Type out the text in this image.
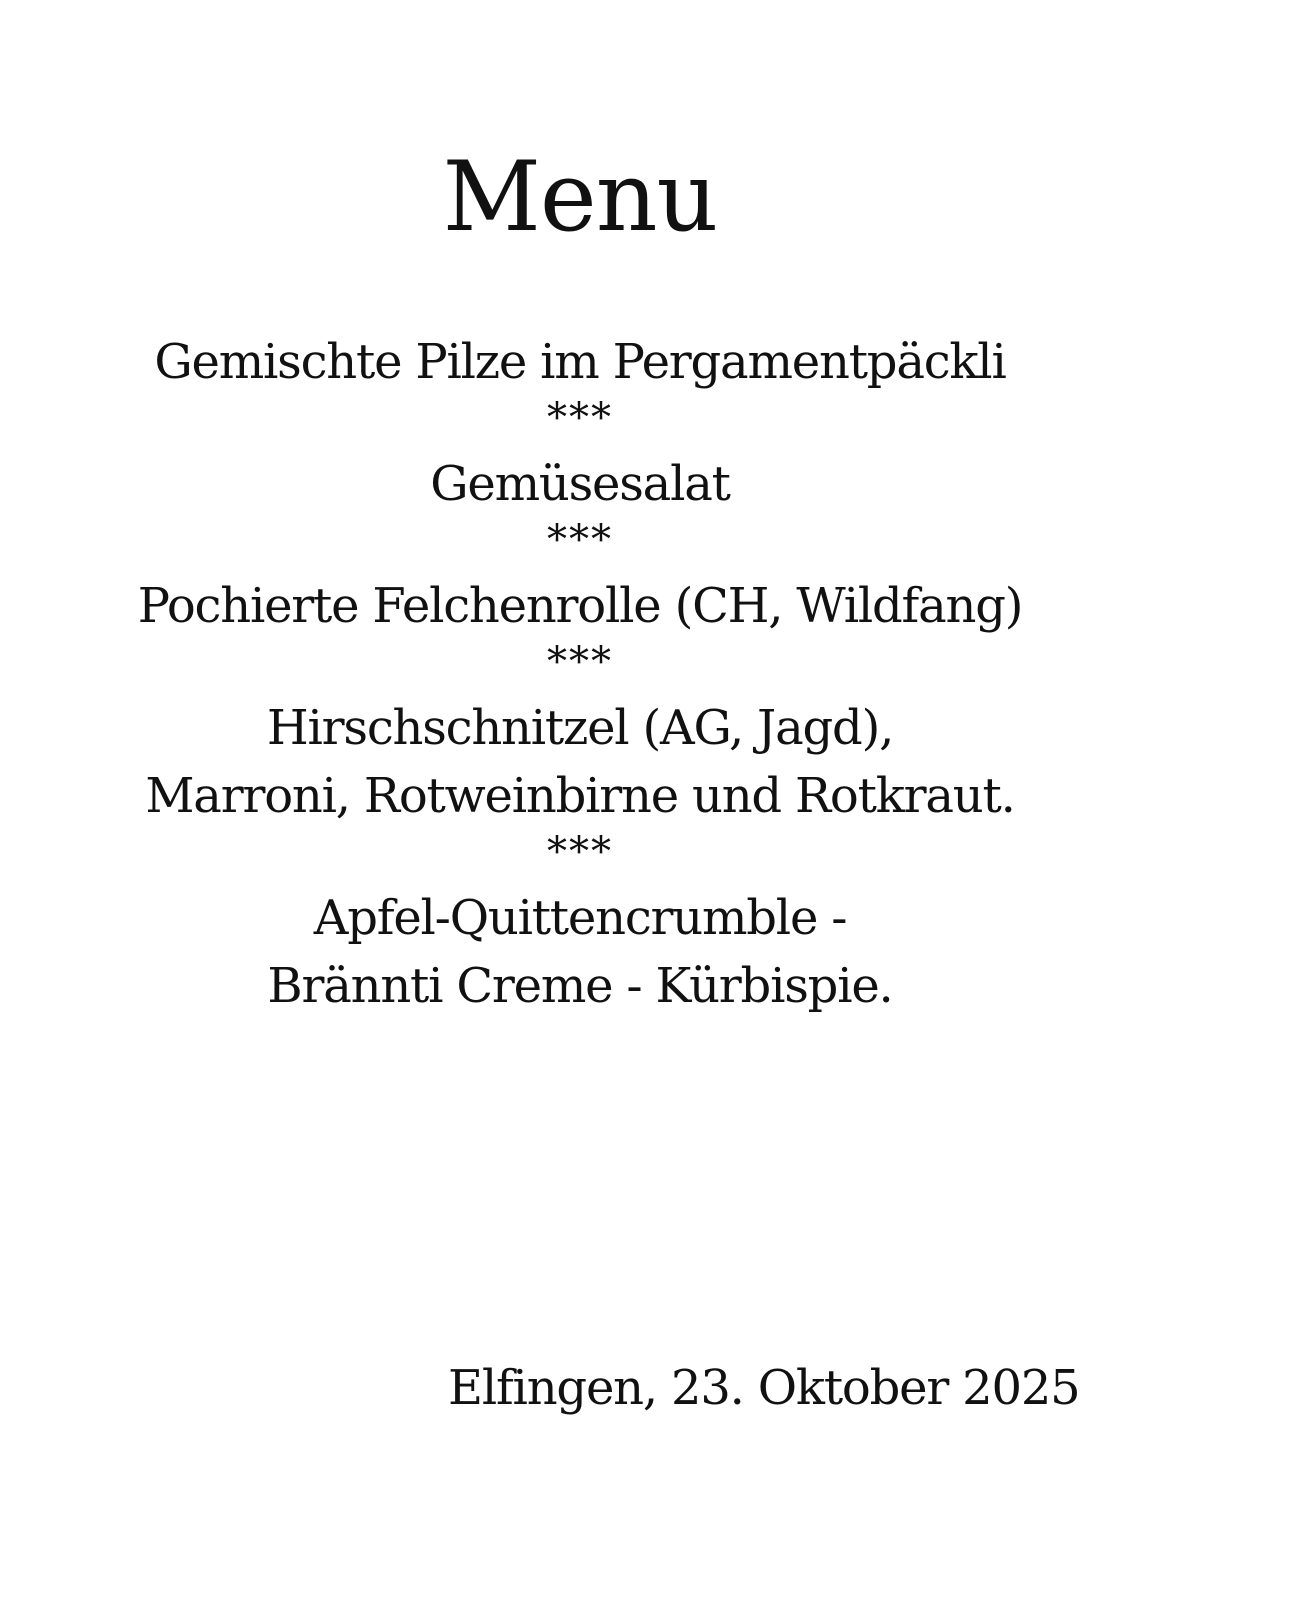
Menu
Gemischte Pilze im Pergamentpäckli
***
Gemüsesalat
***
Pochierte Felchenrolle (CH, Wildfang)
***
Hirschschnitzel (AG, Jagd),
Marroni, Rotweinbirne und Rotkraut.
***
Apfel-Quittencrumble -
Brännti Creme - Kürbispie.
Elfingen, 23. Oktober 2025
